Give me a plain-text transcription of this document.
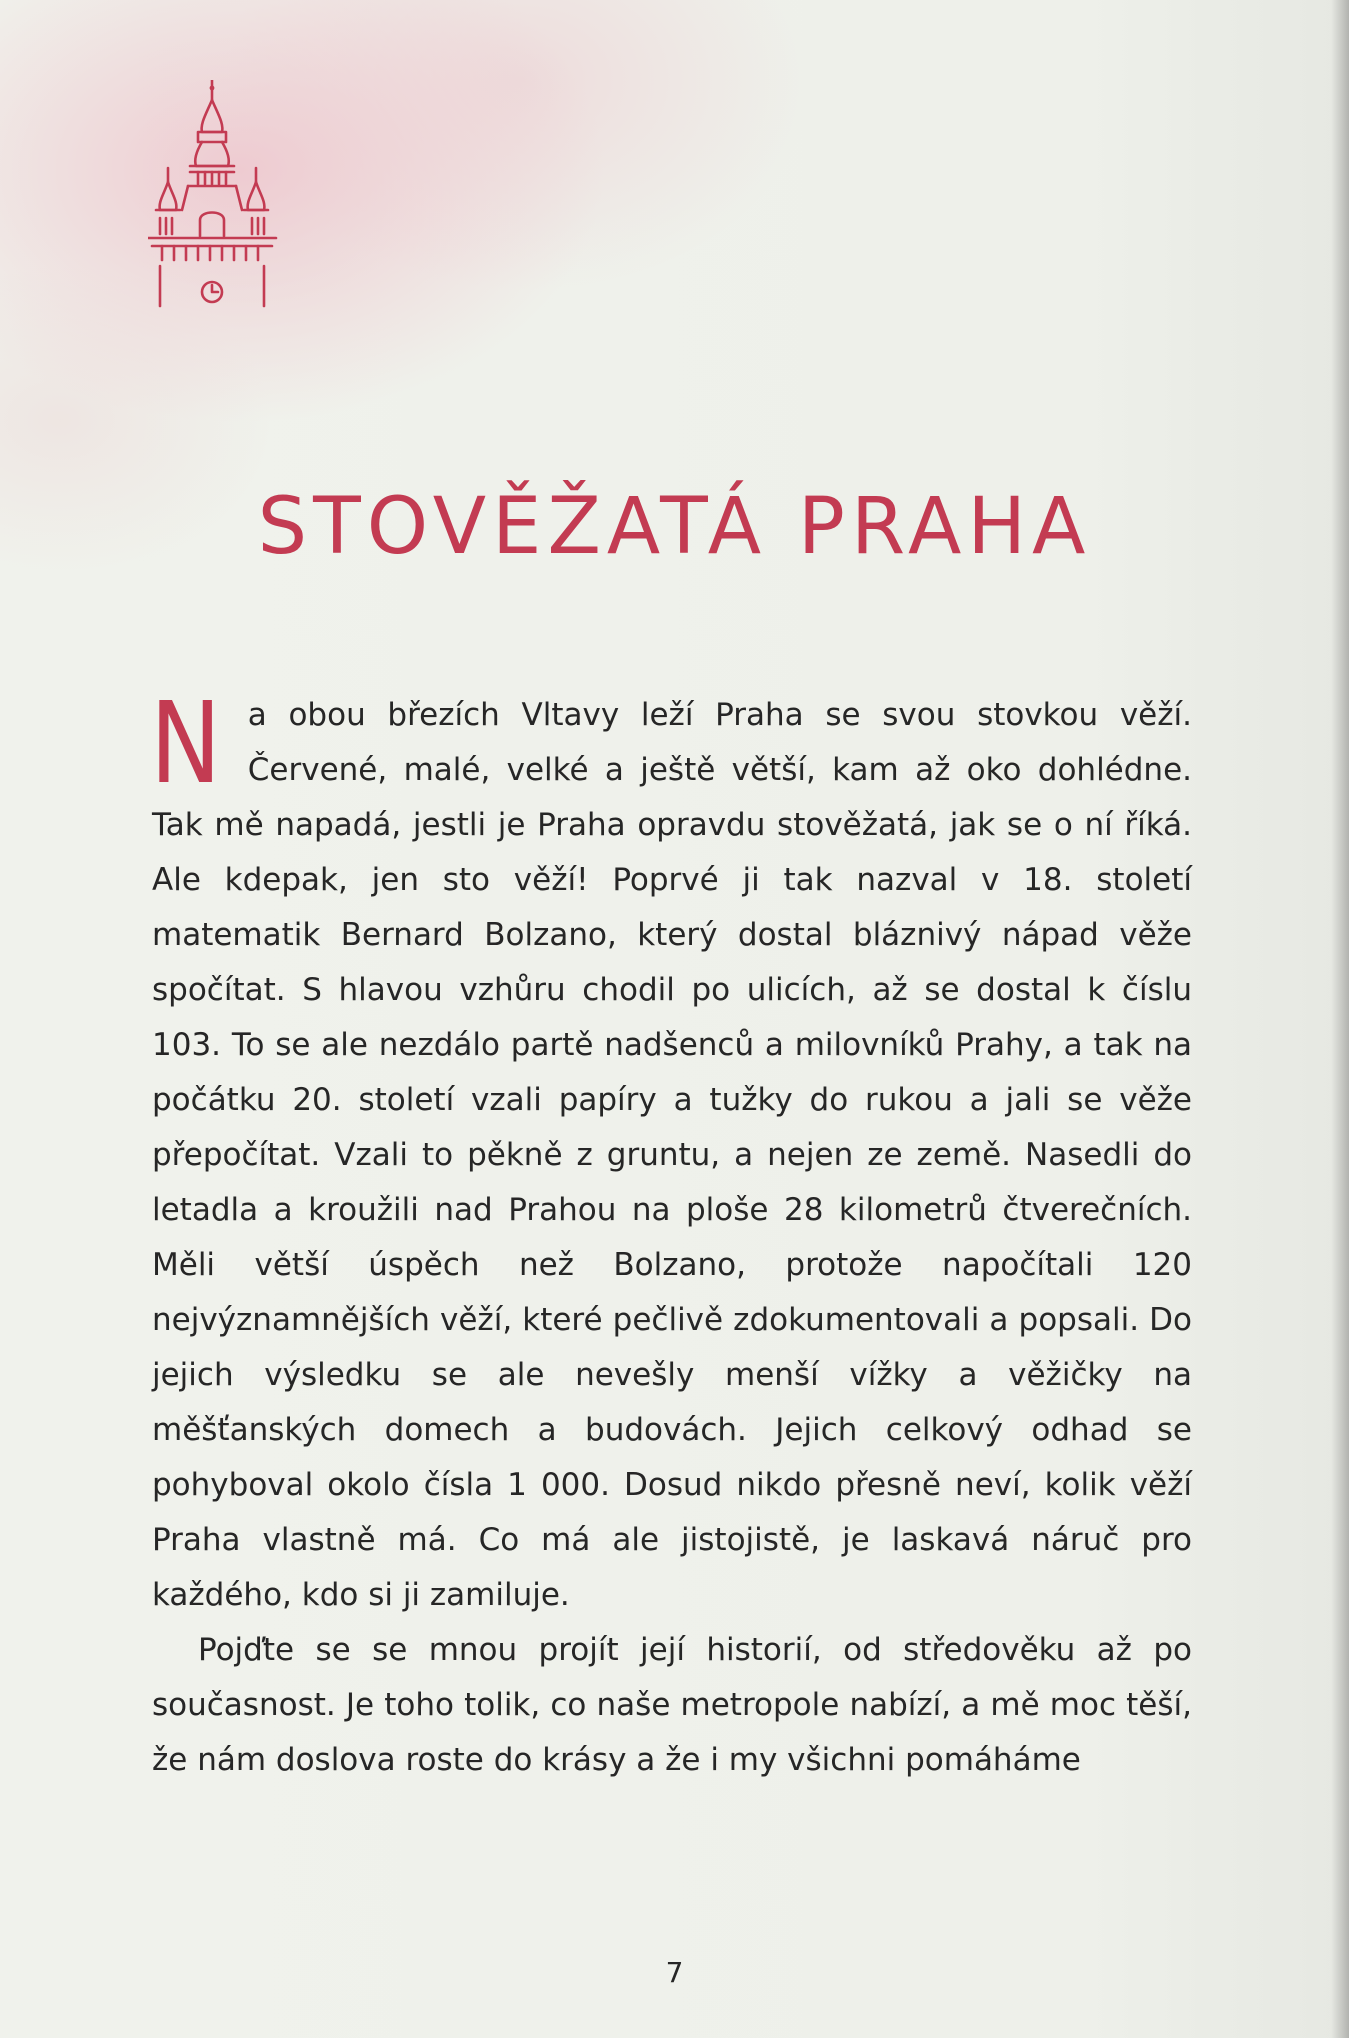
STOVĚŽATÁ PRAHA

Na obou březích Vltavy leží Praha se svou stovkou věží. Červené, malé, velké a ještě větší, kam až oko dohlédne. Tak mě napadá, jestli je Praha opravdu stověžatá, jak se o ní říká. Ale kdepak, jen sto věží! Poprvé ji tak nazval v 18. století matematik Bernard Bolzano, který dostal bláznivý nápad věže spočítat. S hlavou vzhůru chodil po ulicích, až se dostal k číslu 103. To se ale nezdálo partě nadšenců a milovníků Prahy, a tak na počátku 20. století vzali papíry a tužky do rukou a jali se věže přepočítat. Vzali to pěkně z gruntu, a nejen ze země. Nasedli do letadla a kroužili nad Prahou na ploše 28 kilometrů čtverečních. Měli větší úspěch než Bolzano, protože napočítali 120 nejvýznamnějších věží, které pečlivě zdokumentovali a popsali. Do jejich výsledku se ale nevešly menší vížky a věžičky na měšťanských domech a budovách. Jejich celkový odhad se pohyboval okolo čísla 1 000. Dosud nikdo přesně neví, kolik věží Praha vlastně má. Co má ale jistojistě, je laskavá náruč pro každého, kdo si ji zamiluje.

Pojďte se se mnou projít její historií, od středověku až po současnost. Je toho tolik, co naše metropole nabízí, a mě moc těší, že nám doslova roste do krásy a že i my všichni pomáháme

7
